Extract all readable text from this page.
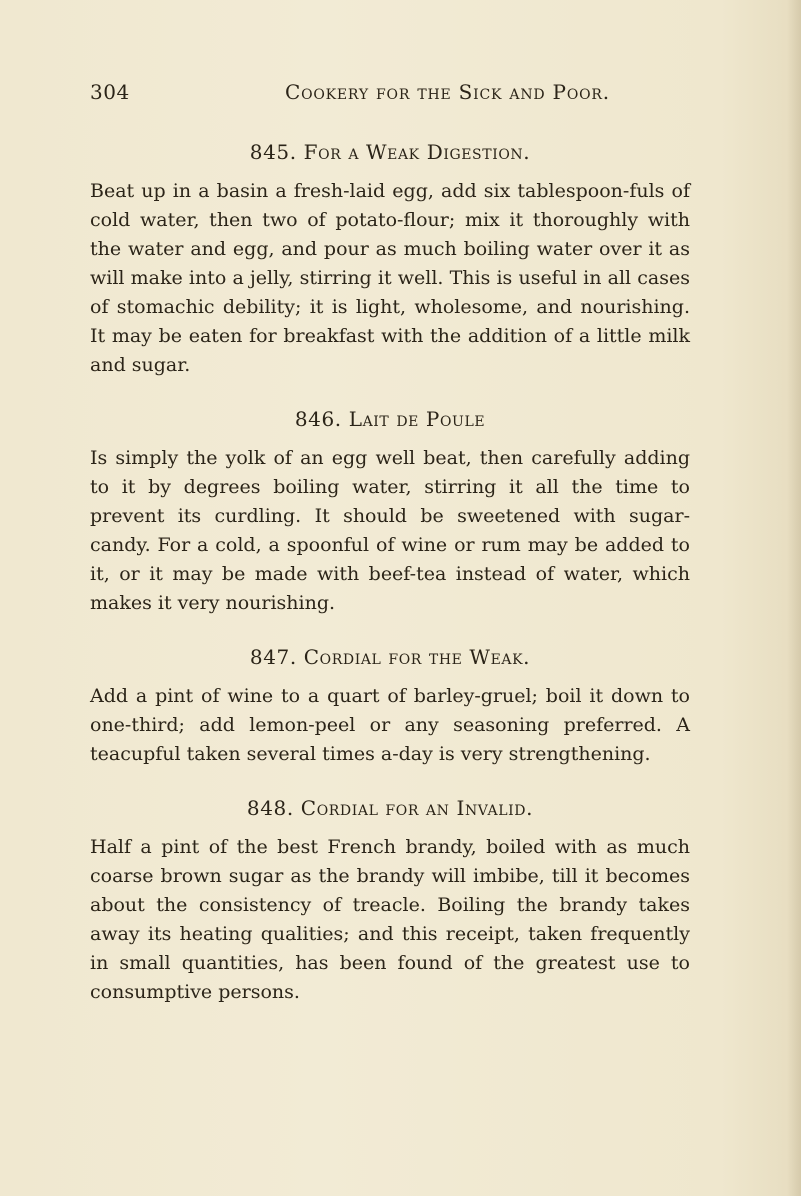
304	Cookery for the Sick and Poor.
845. For a Weak Digestion.

Beat up in a basin a fresh-laid egg, add six tablespoon-fuls of cold water, then two of potato-flour; mix it thoroughly with the water and egg, and pour as much boiling water over it as will make into a jelly, stirring it well. This is useful in all cases of stomachic debility; it is light, wholesome, and nourishing. It may be eaten for breakfast with the addition of a little milk and sugar.

846. Lait de Poule

Is simply the yolk of an egg well beat, then carefully adding to it by degrees boiling water, stirring it all the time to prevent its curdling. It should be sweetened with sugar-candy. For a cold, a spoonful of wine or rum may be added to it, or it may be made with beef-tea instead of water, which makes it very nourishing.

847. Cordial for the Weak.

Add a pint of wine to a quart of barley-gruel; boil it down to one-third; add lemon-peel or any seasoning preferred. A teacupful taken several times a-day is very strengthening.

848. Cordial for an Invalid.

Half a pint of the best French brandy, boiled with as much coarse brown sugar as the brandy will imbibe, till it becomes about the consistency of treacle. Boiling the brandy takes away its heating qualities; and this receipt, taken frequently in small quantities, has been found of the greatest use to consumptive persons.
